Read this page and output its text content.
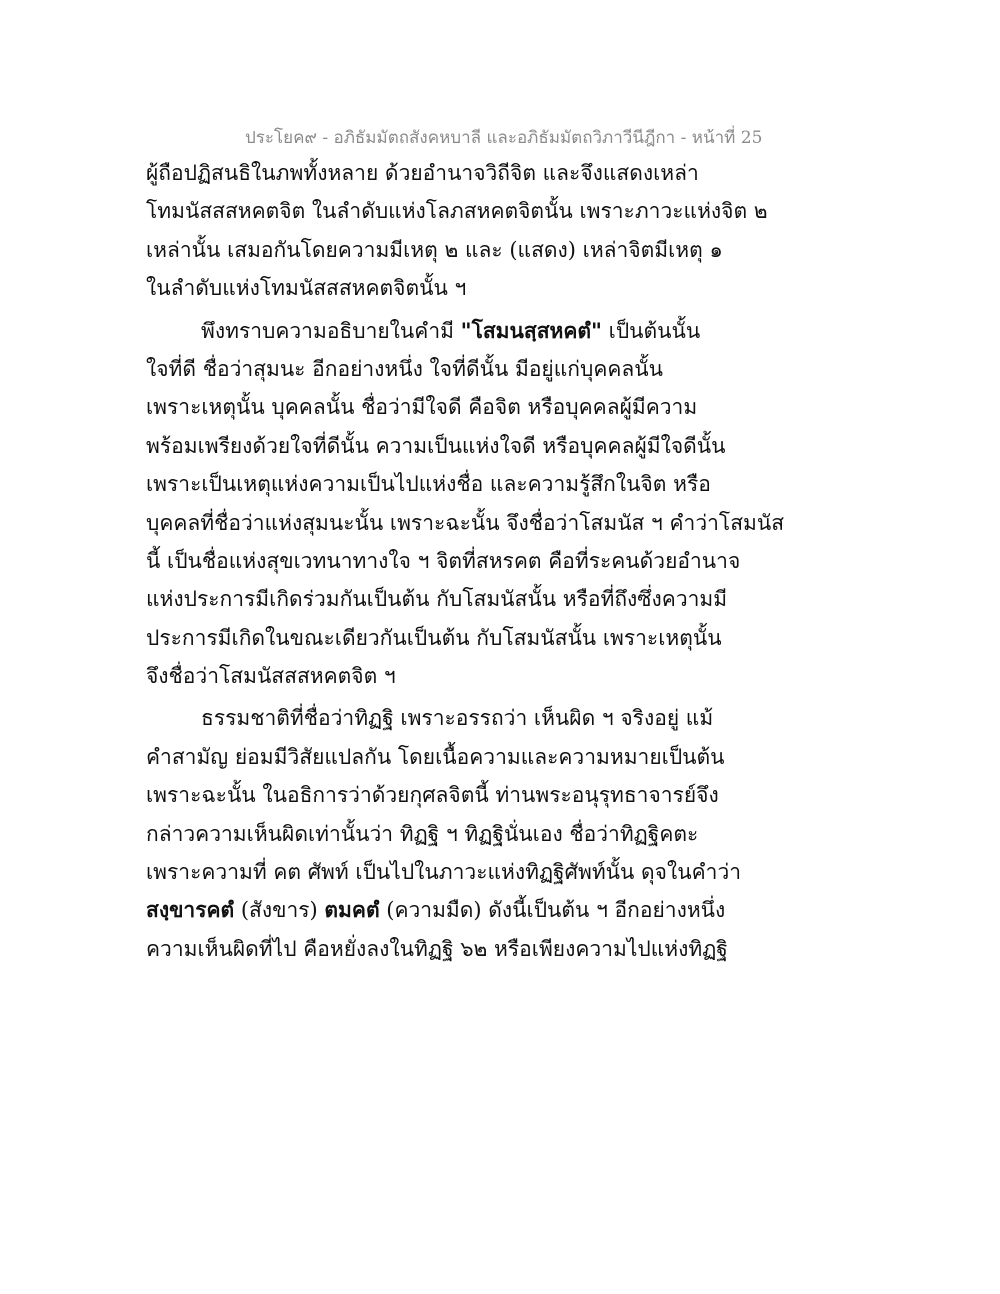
ประโยค๙ - อภิธัมมัตถสังคหบาลี และอภิธัมมัตถวิภาวีนีฎีกา - หน้าที่ 25
ผู้ถือปฏิสนธิในภพทั้งหลาย ด้วยอำนาจวิถีจิต และจึงแสดงเหล่า
โทมนัสสสหคตจิต ในลำดับแห่งโลภสหคตจิตนั้น เพราะภาวะแห่งจิต ๒
เหล่านั้น เสมอกันโดยความมีเหตุ ๒ และ (แสดง) เหล่าจิตมีเหตุ ๑
ในลำดับแห่งโทมนัสสสหคตจิตนั้น ฯ
พึงทราบความอธิบายในคำมี "โสมนสฺสหคตํ" เป็นต้นนั้น
ใจที่ดี ชื่อว่าสุมนะ อีกอย่างหนึ่ง ใจที่ดีนั้น มีอยู่แก่บุคคลนั้น
เพราะเหตุนั้น บุคคลนั้น ชื่อว่ามีใจดี คือจิต หรือบุคคลผู้มีความ
พร้อมเพรียงด้วยใจที่ดีนั้น ความเป็นแห่งใจดี หรือบุคคลผู้มีใจดีนั้น
เพราะเป็นเหตุแห่งความเป็นไปแห่งชื่อ และความรู้สึกในจิต หรือ
บุคคลที่ชื่อว่าแห่งสุมนะนั้น เพราะฉะนั้น จึงชื่อว่าโสมนัส ฯ คำว่าโสมนัส
นี้ เป็นชื่อแห่งสุขเวทนาทางใจ ฯ จิตที่สหรคต คือที่ระคนด้วยอำนาจ
แห่งประการมีเกิดร่วมกันเป็นต้น กับโสมนัสนั้น หรือที่ถึงซึ่งความมี
ประการมีเกิดในขณะเดียวกันเป็นต้น กับโสมนัสนั้น เพราะเหตุนั้น
จึงชื่อว่าโสมนัสสสหคตจิต ฯ
ธรรมชาติที่ชื่อว่าทิฏฐิ เพราะอรรถว่า เห็นผิด ฯ จริงอยู่ แม้
คำสามัญ ย่อมมีวิสัยแปลกัน โดยเนื้อความและความหมายเป็นต้น
เพราะฉะนั้น ในอธิการว่าด้วยกุศลจิตนี้ ท่านพระอนุรุทธาจารย์จึง
กล่าวความเห็นผิดเท่านั้นว่า ทิฏฐิ ฯ ทิฏฐินั่นเอง ชื่อว่าทิฏฐิคตะ
เพราะความที่ คต ศัพท์ เป็นไปในภาวะแห่งทิฏฐิศัพท์นั้น ดุจในคำว่า
สงฺขารคตํ (สังขาร) ตมคตํ (ความมืด) ดังนี้เป็นต้น ฯ อีกอย่างหนึ่ง
ความเห็นผิดที่ไป คือหยั่งลงในทิฏฐิ ๖๒ หรือเพียงความไปแห่งทิฏฐิ
